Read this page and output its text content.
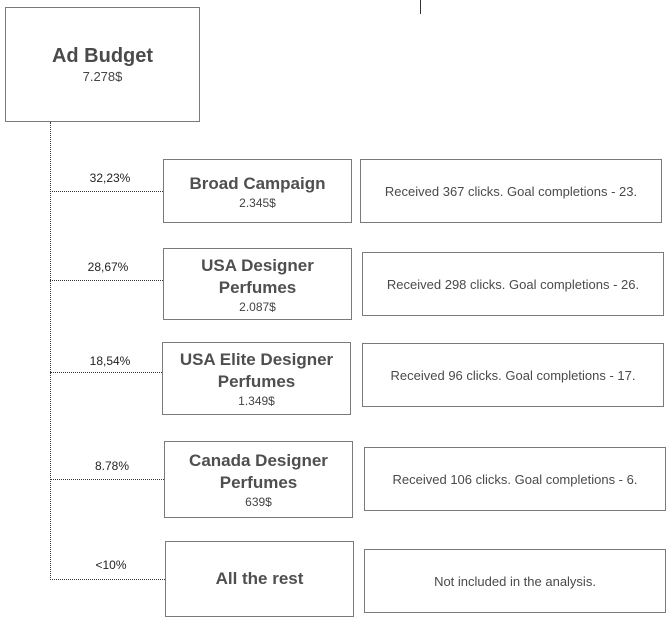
Ad Budget
7.278$
32,23%
28,67%
18,54%
8.78%
<10%
Broad Campaign
2.345$
USA Designer Perfumes
2.087$
USA Elite Designer Perfumes
1.349$
Canada Designer Perfumes
639$
All the rest
Received 367 clicks. Goal completions - 23.
Received 298 clicks. Goal completions - 26.
Received 96 clicks. Goal completions - 17.
Received 106 clicks. Goal completions - 6.
Not included in the analysis.
